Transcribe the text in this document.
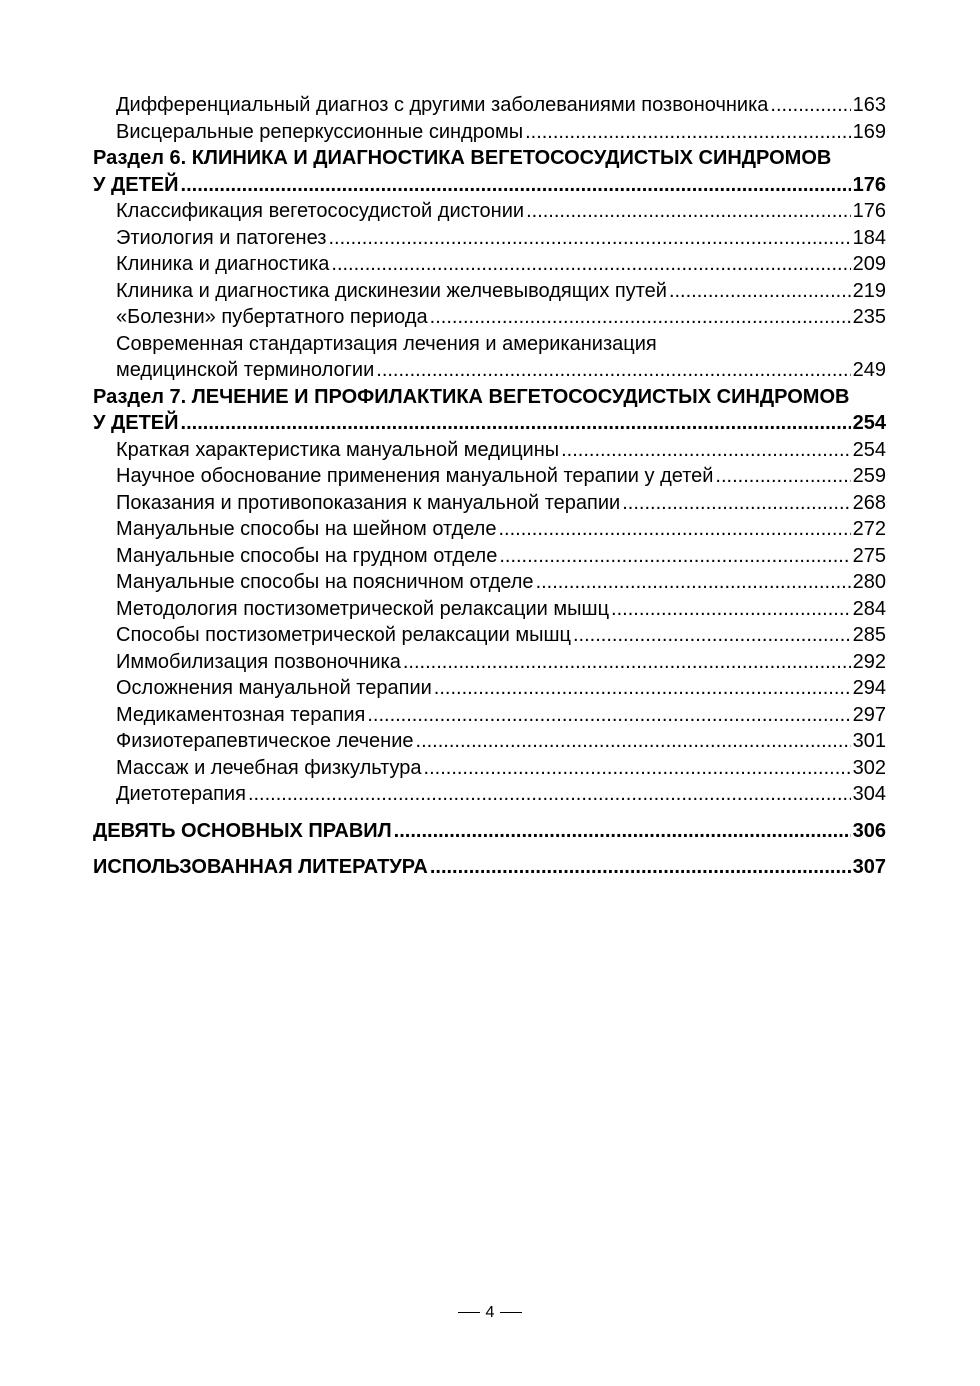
Дифференциальный диагноз с другими заболеваниями позвоночника .....	163
Висцеральные реперкуссионные синдромы .....	169
Раздел 6. КЛИНИКА И ДИАГНОСТИКА ВЕГЕТОСОСУДИСТЫХ СИНДРОМОВ
У ДЕТЕЙ .....	176
Классификация вегетососудистой дистонии .....	176
Этиология и патогенез .....	184
Клиника и диагностика .....	209
Клиника и диагностика дискинезии желчевыводящих путей .....	219
«Болезни» пубертатного периода .....	235
Современная стандартизация лечения и американизация
медицинской терминологии .....	249
Раздел 7. ЛЕЧЕНИЕ И ПРОФИЛАКТИКА ВЕГЕТОСОСУДИСТЫХ СИНДРОМОВ
У ДЕТЕЙ .....	254
Краткая характеристика мануальной медицины .....	254
Научное обоснование применения мануальной терапии у детей .....	259
Показания и противопоказания к мануальной терапии .....	268
Мануальные способы на шейном отделе .....	272
Мануальные способы на грудном отделе .....	275
Мануальные способы на поясничном отделе .....	280
Методология постизометрической релаксации мышц .....	284
Способы постизометрической релаксации мышц .....	285
Иммобилизация позвоночника .....	292
Осложнения мануальной терапии .....	294
Медикаментозная терапия .....	297
Физиотерапевтическое лечение .....	301
Массаж и лечебная физкультура .....	302
Диетотерапия .....	304
ДЕВЯТЬ ОСНОВНЫХ ПРАВИЛ .....	306
ИСПОЛЬЗОВАННАЯ ЛИТЕРАТУРА .....	307
4
